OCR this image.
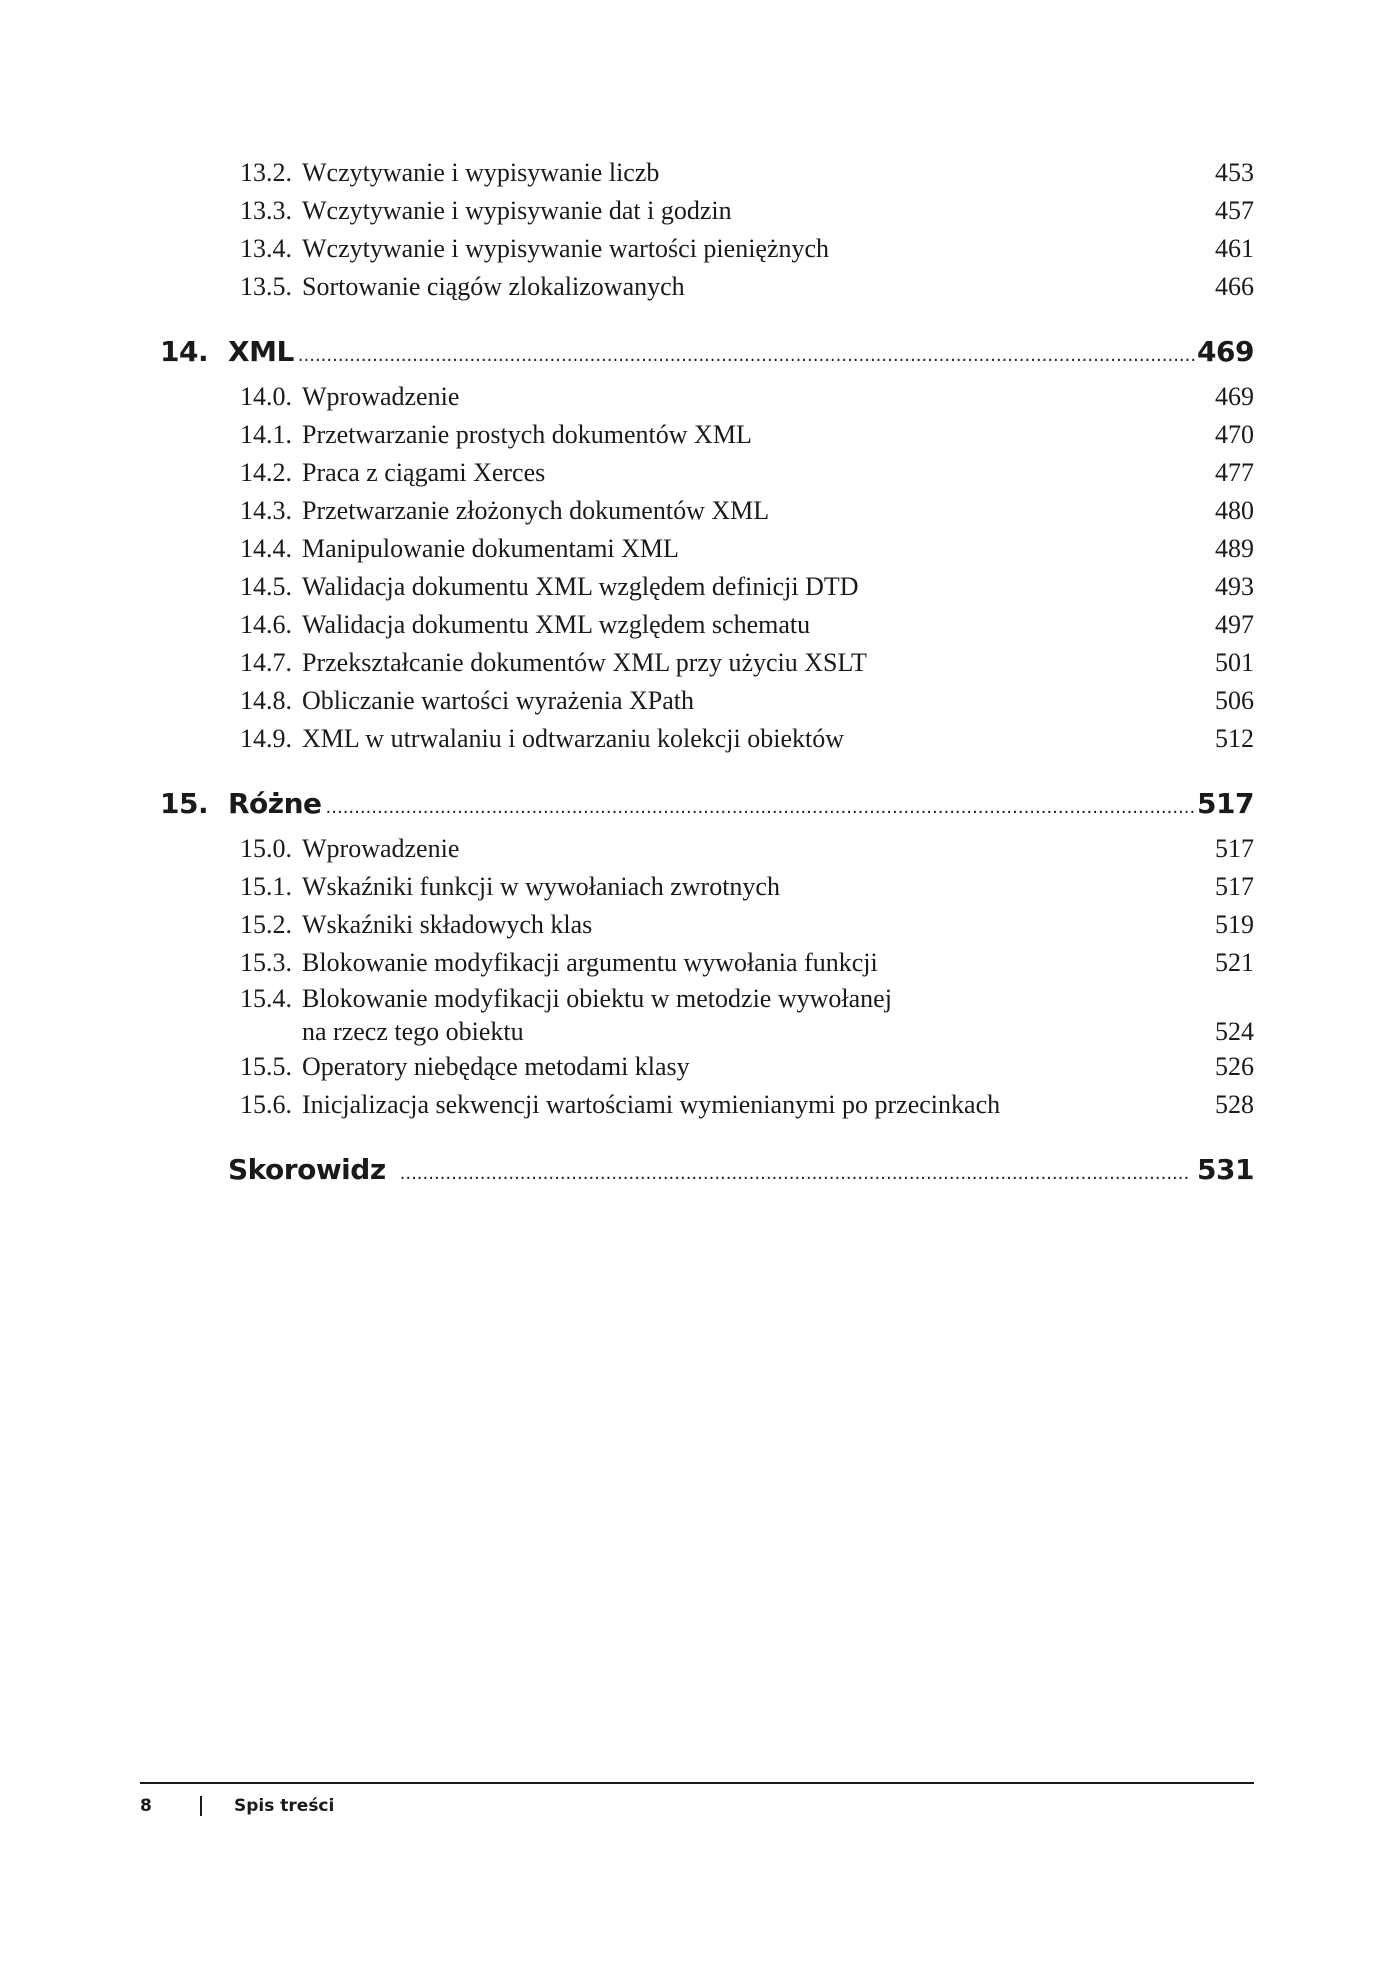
13.2. Wczytywanie i wypisywanie liczb	453
13.3. Wczytywanie i wypisywanie dat i godzin	457
13.4. Wczytywanie i wypisywanie wartości pieniężnych	461
13.5. Sortowanie ciągów zlokalizowanych	466
14. XML .....	469
14.0. Wprowadzenie	469
14.1. Przetwarzanie prostych dokumentów XML	470
14.2. Praca z ciągami Xerces	477
14.3. Przetwarzanie złożonych dokumentów XML	480
14.4. Manipulowanie dokumentami XML	489
14.5. Walidacja dokumentu XML względem definicji DTD	493
14.6. Walidacja dokumentu XML względem schematu	497
14.7. Przekształcanie dokumentów XML przy użyciu XSLT	501
14.8. Obliczanie wartości wyrażenia XPath	506
14.9. XML w utrwalaniu i odtwarzaniu kolekcji obiektów	512
15. Różne .....	517
15.0. Wprowadzenie	517
15.1. Wskaźniki funkcji w wywołaniach zwrotnych	517
15.2. Wskaźniki składowych klas	519
15.3. Blokowanie modyfikacji argumentu wywołania funkcji	521
15.4. Blokowanie modyfikacji obiektu w metodzie wywołanej
na rzecz tego obiektu	524
15.5. Operatory niebędące metodami klasy	526
15.6. Inicjalizacja sekwencji wartościami wymienianymi po przecinkach	528
Skorowidz .....	531
8	Spis treści
